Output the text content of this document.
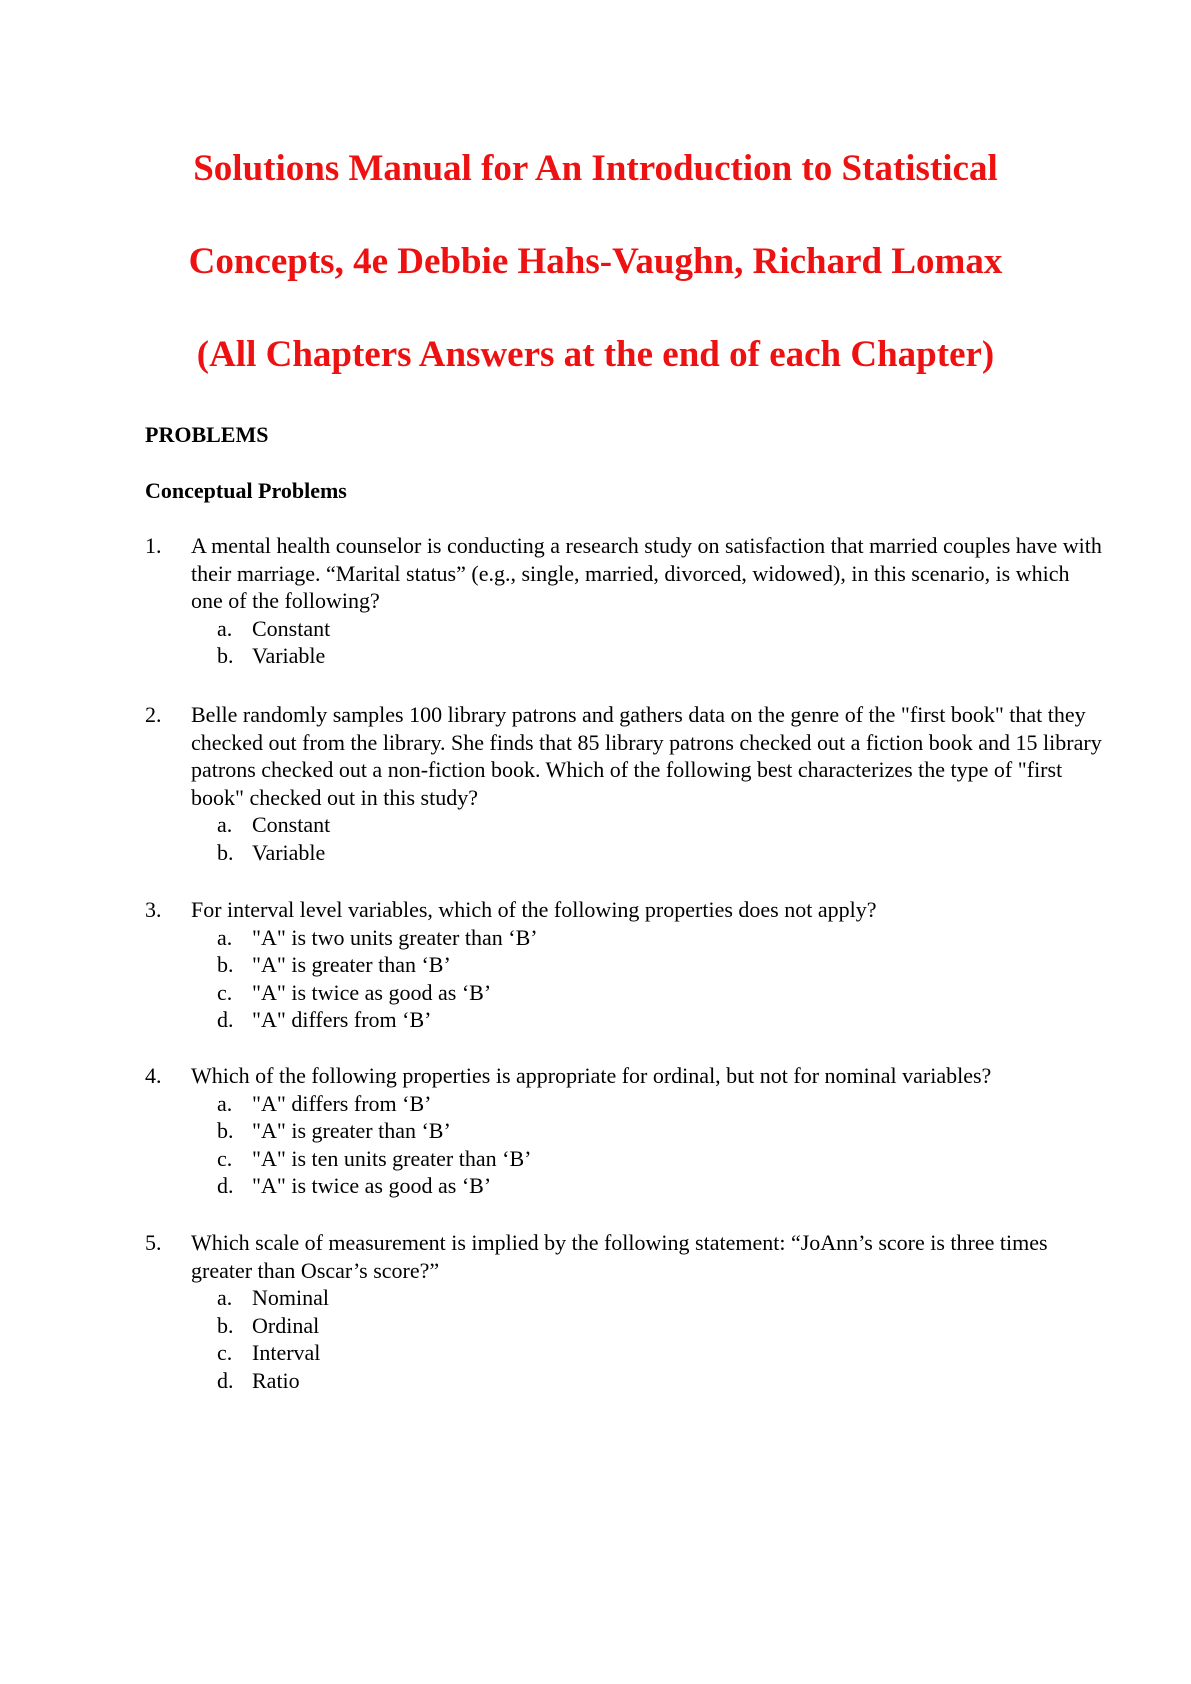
Solutions Manual for An Introduction to Statistical
Concepts, 4e Debbie Hahs-Vaughn, Richard Lomax
(All Chapters Answers at the end of each Chapter)
PROBLEMS
Conceptual Problems
1.	A mental health counselor is conducting a research study on satisfaction that married couples have with their marriage. “Marital status” (e.g., single, married, divorced, widowed), in this scenario, is which one of the following?
a. Constant
b. Variable
2.	Belle randomly samples 100 library patrons and gathers data on the genre of the "first book" that they checked out from the library. She finds that 85 library patrons checked out a fiction book and 15 library patrons checked out a non-fiction book. Which of the following best characterizes the type of "first book" checked out in this study?
a. Constant
b. Variable
3.	For interval level variables, which of the following properties does not apply?
a. "A" is two units greater than ‘B’
b. "A" is greater than ‘B’
c. "A" is twice as good as ‘B’
d. "A" differs from ‘B’
4.	Which of the following properties is appropriate for ordinal, but not for nominal variables?
a. "A" differs from ‘B’
b. "A" is greater than ‘B’
c. "A" is ten units greater than ‘B’
d. "A" is twice as good as ‘B’
5.	Which scale of measurement is implied by the following statement: “JoAnn’s score is three times greater than Oscar’s score?”
a. Nominal
b. Ordinal
c. Interval
d. Ratio
